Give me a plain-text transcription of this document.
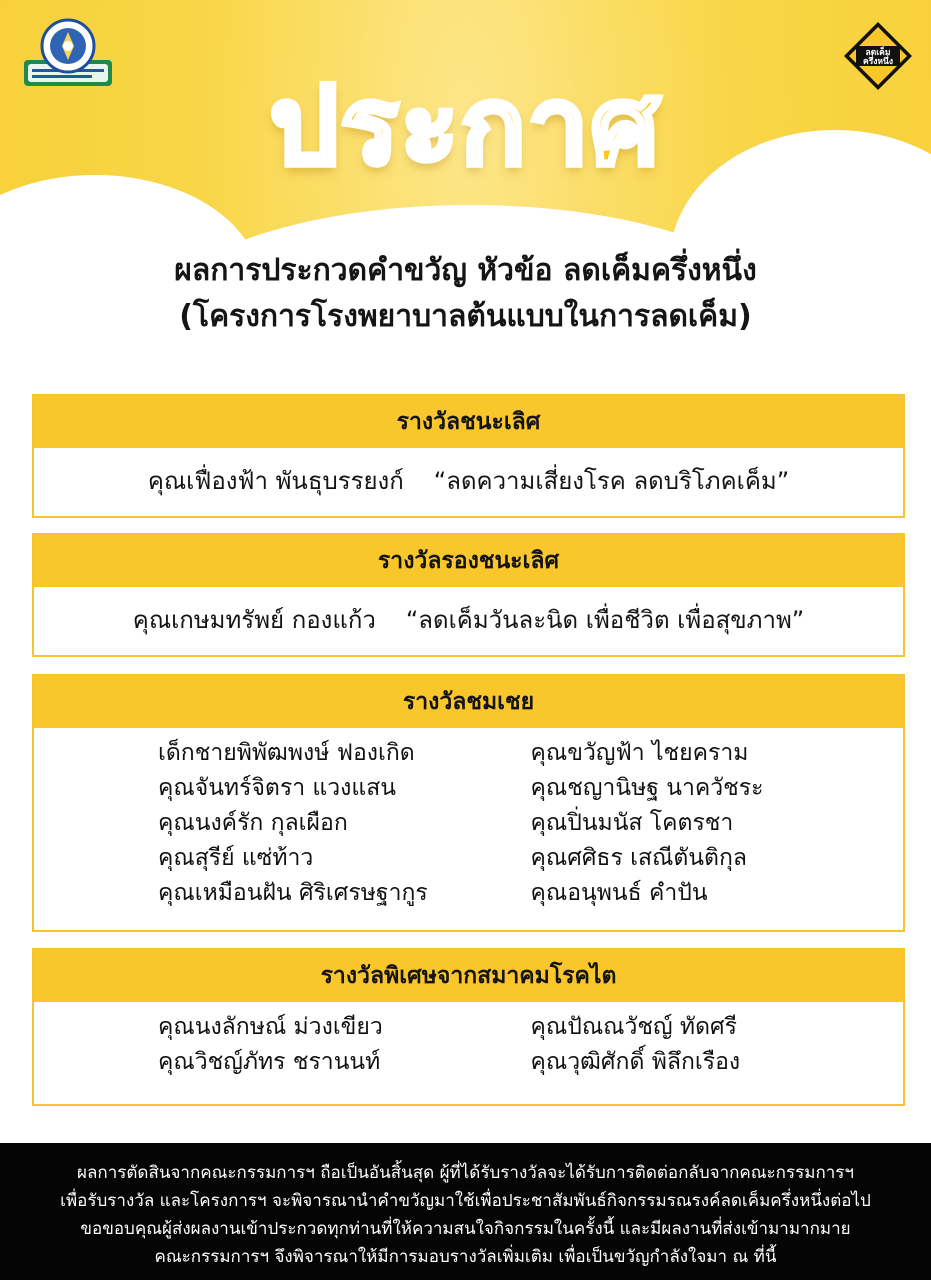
ลดเค็ม
ครึ่งหนึ่ง
ประกาศ
ผลการประกวดคำขวัญ หัวข้อ ลดเค็มครึ่งหนึ่ง
(โครงการโรงพยาบาลต้นแบบในการลดเค็ม)
รางวัลชนะเลิศ
คุณเฟื่องฟ้า พันธุบรรยงก์ “ลดความเสี่ยงโรค ลดบริโภคเค็ม”
รางวัลรองชนะเลิศ
คุณเกษมทรัพย์ กองแก้ว “ลดเค็มวันละนิด เพื่อชีวิต เพื่อสุขภาพ”
รางวัลชมเชย
เด็กชายพิพัฒพงษ์ ฟองเกิด
คุณจันทร์จิตรา แวงแสน
คุณนงค์รัก กุลเผือก
คุณสุรีย์ แซ่ท้าว
คุณเหมือนฝัน ศิริเศรษฐากูร
คุณขวัญฟ้า ไชยคราม
คุณชญานิษฐ นาควัชระ
คุณปิ่นมนัส โคตรชา
คุณศศิธร เสณีตันติกุล
คุณอนุพนธ์ คำปัน
รางวัลพิเศษจากสมาคมโรคไต
คุณนงลักษณ์ ม่วงเขียว
คุณวิชญ์ภัทร ชรานนท์
คุณปัณณวัชญ์ ทัดศรี
คุณวุฒิศักดิ์ พิลึกเรือง

ผลการตัดสินจากคณะกรรมการฯ ถือเป็นอันสิ้นสุด ผู้ที่ได้รับรางวัลจะได้รับการติดต่อกลับจากคณะกรรมการฯ

เพื่อรับรางวัล และโครงการฯ จะพิจารณานำคำขวัญมาใช้เพื่อประชาสัมพันธ์กิจกรรมรณรงค์ลดเค็มครึ่งหนึ่งต่อไป

ขอขอบคุณผู้ส่งผลงานเข้าประกวดทุกท่านที่ให้ความสนใจกิจกรรมในครั้งนี้ และมีผลงานที่ส่งเข้ามามากมาย

คณะกรรมการฯ จึงพิจารณาให้มีการมอบรางวัลเพิ่มเติม เพื่อเป็นขวัญกำลังใจมา ณ ที่นี้
